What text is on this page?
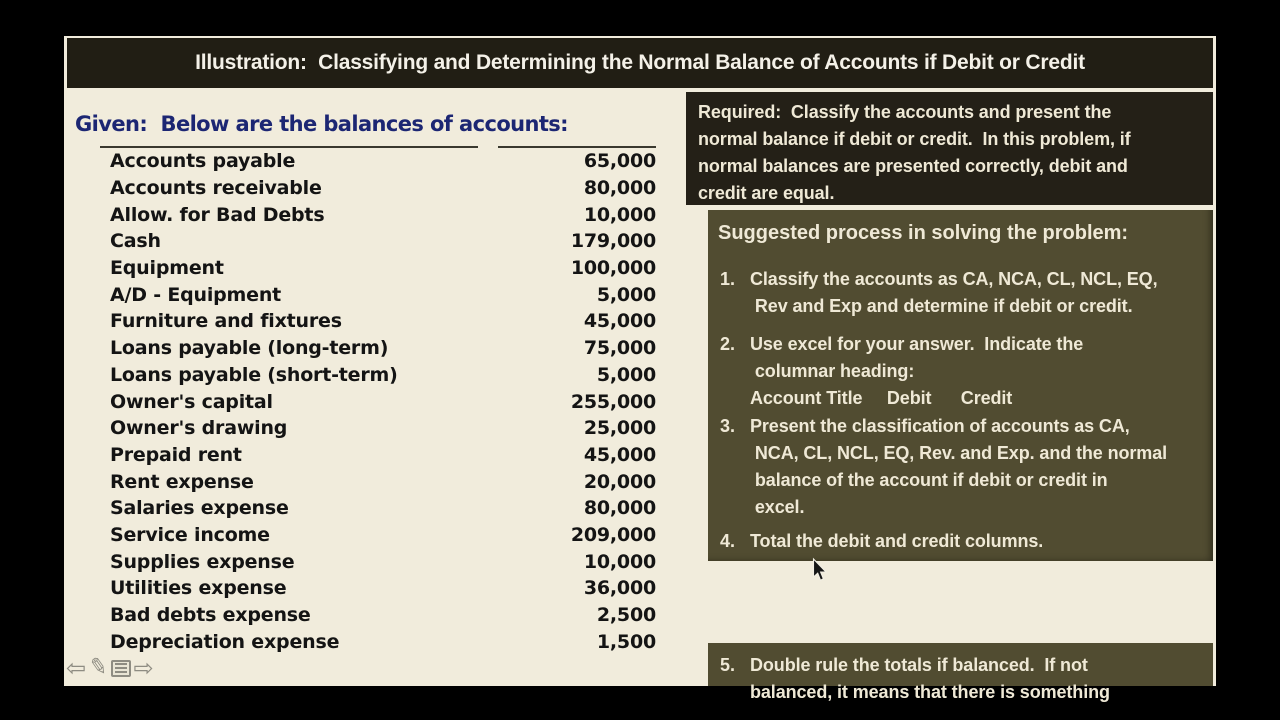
Illustration:  Classifying and Determining the Normal Balance of Accounts if Debit or Credit
Given:  Below are the balances of accounts:
Accounts payable	65,000
Accounts receivable	80,000
Allow. for Bad Debts	10,000
Cash	179,000
Equipment	100,000
A/D - Equipment	5,000
Furniture and fixtures	45,000
Loans payable (long-term)	75,000
Loans payable (short-term)	5,000
Owner's capital	255,000
Owner's drawing	25,000
Prepaid rent	45,000
Rent expense	20,000
Salaries expense	80,000
Service income	209,000
Supplies expense	10,000
Utilities expense	36,000
Bad debts expense	2,500
Depreciation expense	1,500
Required:  Classify the accounts and present the
normal balance if debit or credit.  In this problem, if
normal balances are presented correctly, debit and
credit are equal.
Suggested process in solving the problem:
1. Classify the accounts as CA, NCA, CL, NCL, EQ,
Rev and Exp and determine if debit or credit.
2. Use excel for your answer.  Indicate the
columnar heading:
Account Title     Debit      Credit
3. Present the classification of accounts as CA,
NCA, CL, NCL, EQ, Rev. and Exp. and the normal
balance of the account if debit or credit in
excel.
4. Total the debit and credit columns.
5. Double rule the totals if balanced.  If not
balanced, it means that there is something
⇦ ✎ ⇨
